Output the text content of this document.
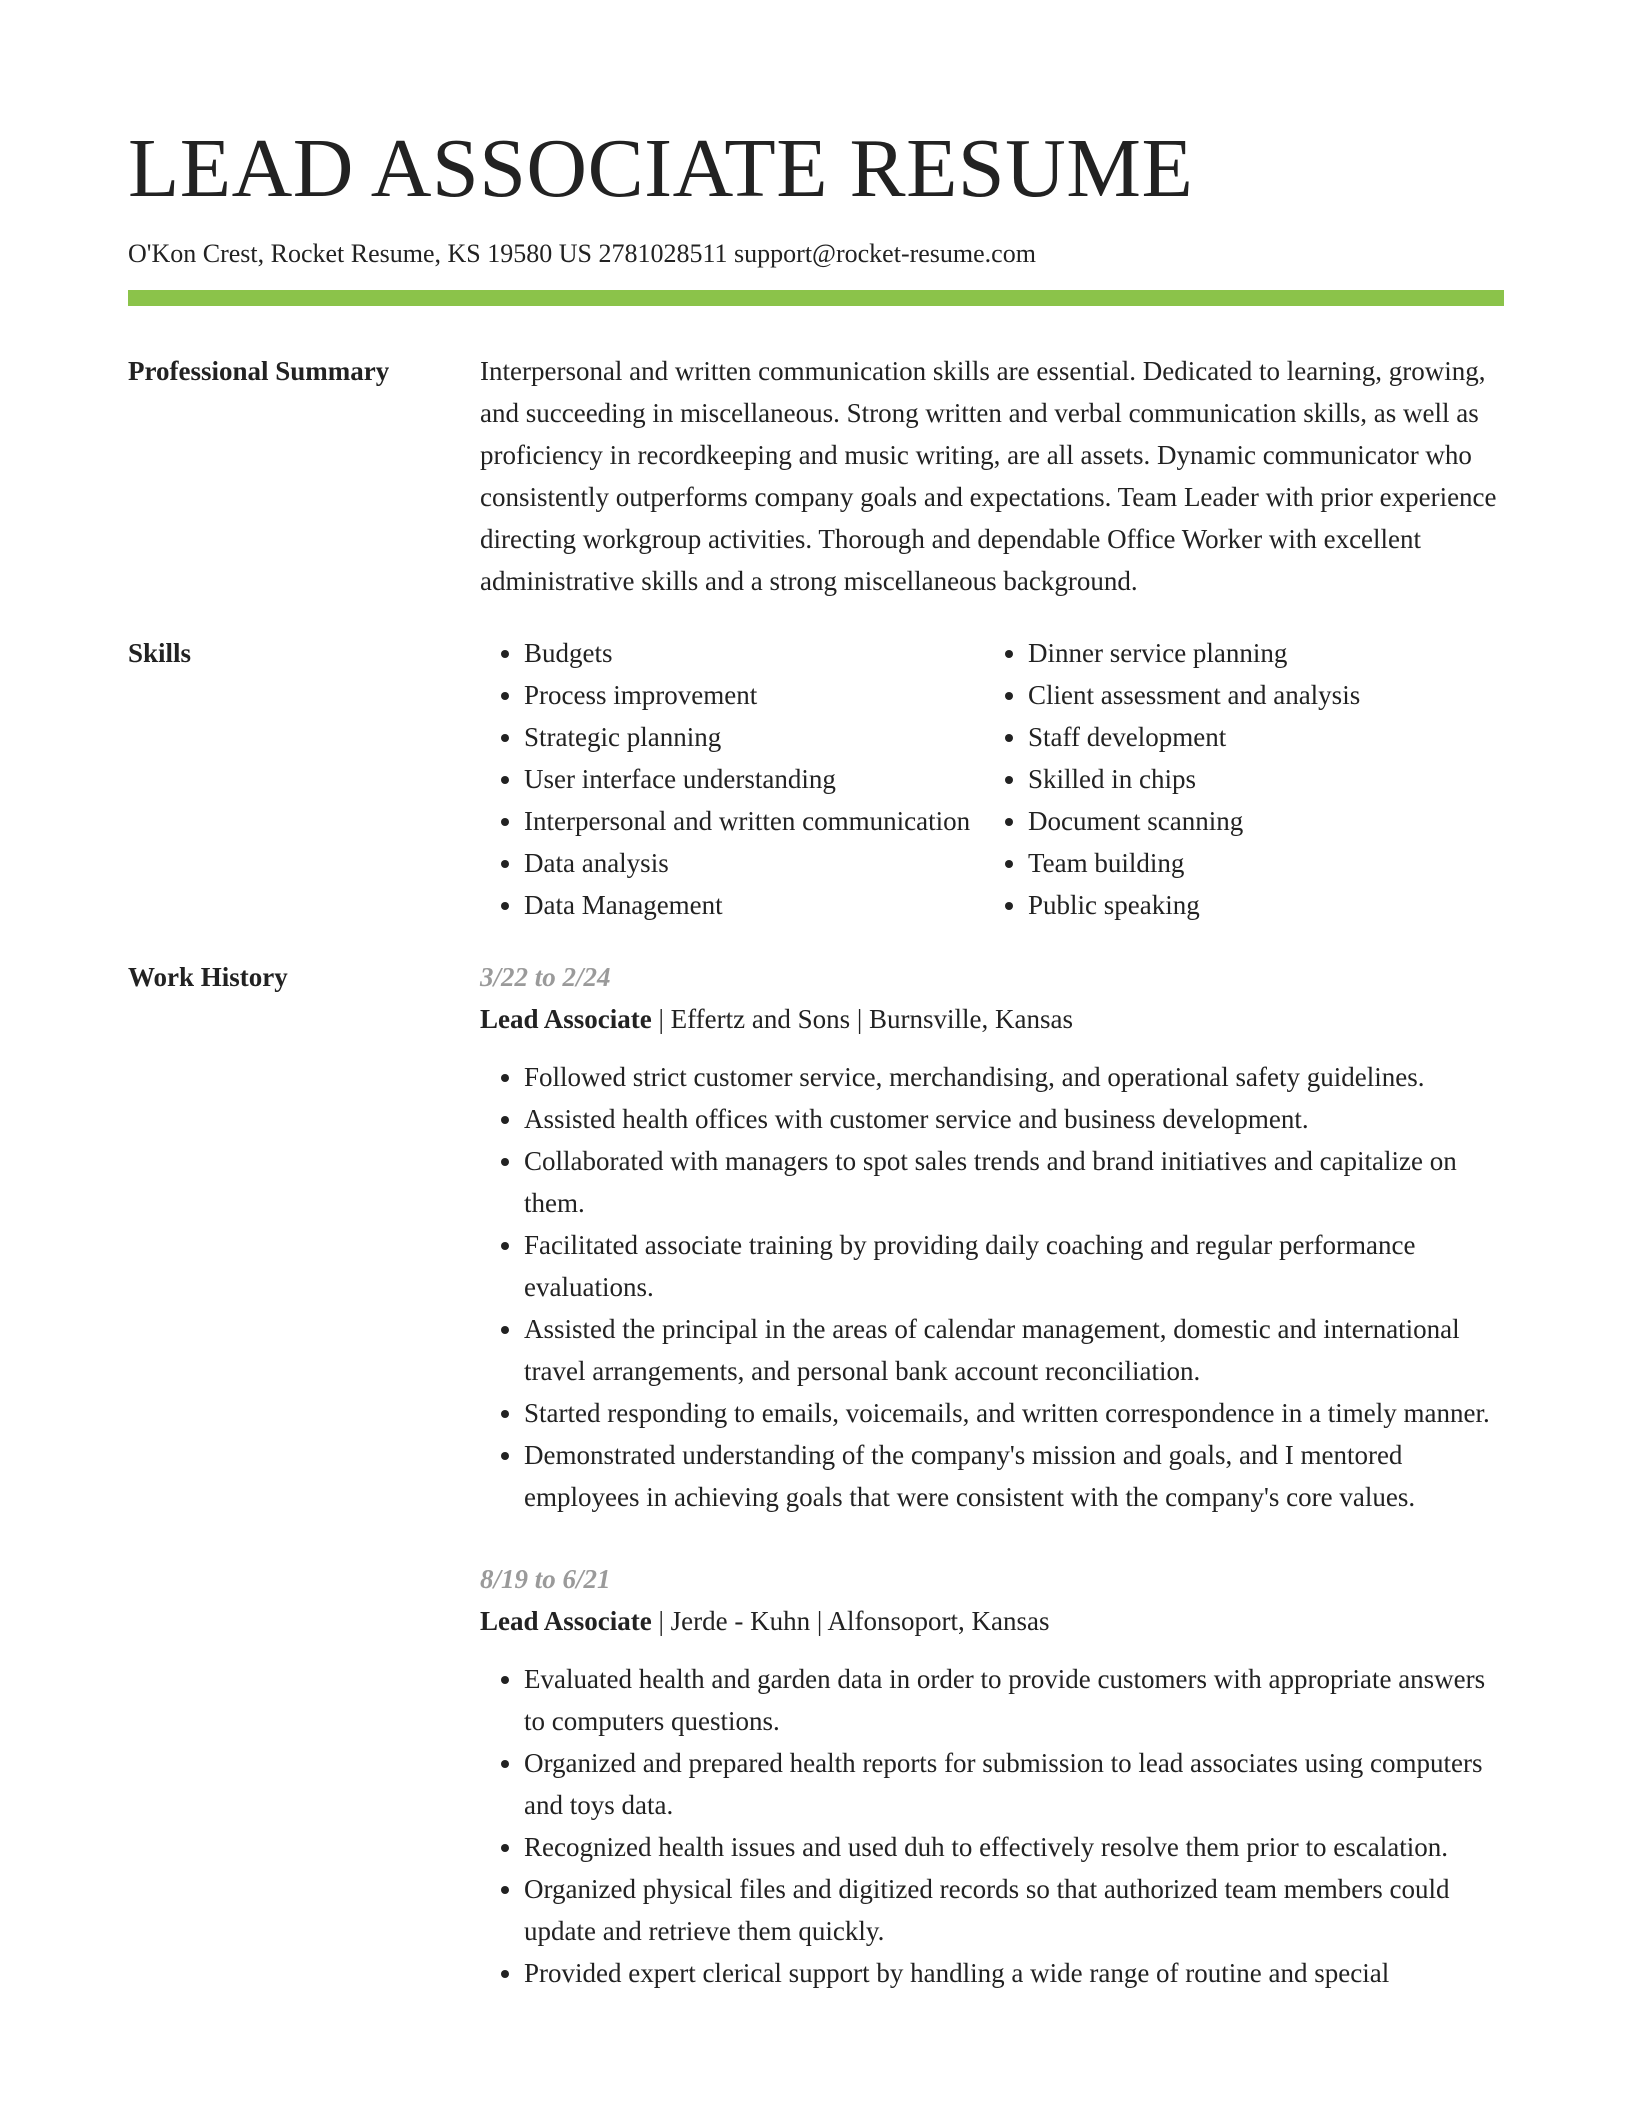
LEAD ASSOCIATE RESUME
O'Kon Crest, Rocket Resume, KS 19580 US 2781028511 support@rocket-resume.com
Professional Summary	Interpersonal and written communication skills are essential. Dedicated to learning, growing, and succeeding in miscellaneous. Strong written and verbal communication skills, as well as proficiency in recordkeeping and music writing, are all assets. Dynamic communicator who consistently outperforms company goals and expectations. Team Leader with prior experience directing workgroup activities. Thorough and dependable Office Worker with excellent administrative skills and a strong miscellaneous background.

Skills
•	Budgets
• Process improvement
• Strategic planning
• User interface understanding
• Interpersonal and written communication
• Data analysis
• Data Management
• Dinner service planning
• Client assessment and analysis
• Staff development
• Skilled in chips
• Document scanning
• Team building
• Public speaking
Work History	3/22 to 2/24
Lead Associate | Effertz and Sons | Burnsville, Kansas
• Followed strict customer service, merchandising, and operational safety guidelines.
• Assisted health offices with customer service and business development.
• Collaborated with managers to spot sales trends and brand initiatives and capitalize on them.
• Facilitated associate training by providing daily coaching and regular performance evaluations.
• Assisted the principal in the areas of calendar management, domestic and international travel arrangements, and personal bank account reconciliation.
• Started responding to emails, voicemails, and written correspondence in a timely manner.
• Demonstrated understanding of the company's mission and goals, and I mentored employees in achieving goals that were consistent with the company's core values.
8/19 to 6/21
Lead Associate | Jerde - Kuhn | Alfonsoport, Kansas
• Evaluated health and garden data in order to provide customers with appropriate answers to computers questions.
• Organized and prepared health reports for submission to lead associates using computers and toys data.
• Recognized health issues and used duh to effectively resolve them prior to escalation.
• Organized physical files and digitized records so that authorized team members could update and retrieve them quickly.
• Provided expert clerical support by handling a wide range of routine and special
